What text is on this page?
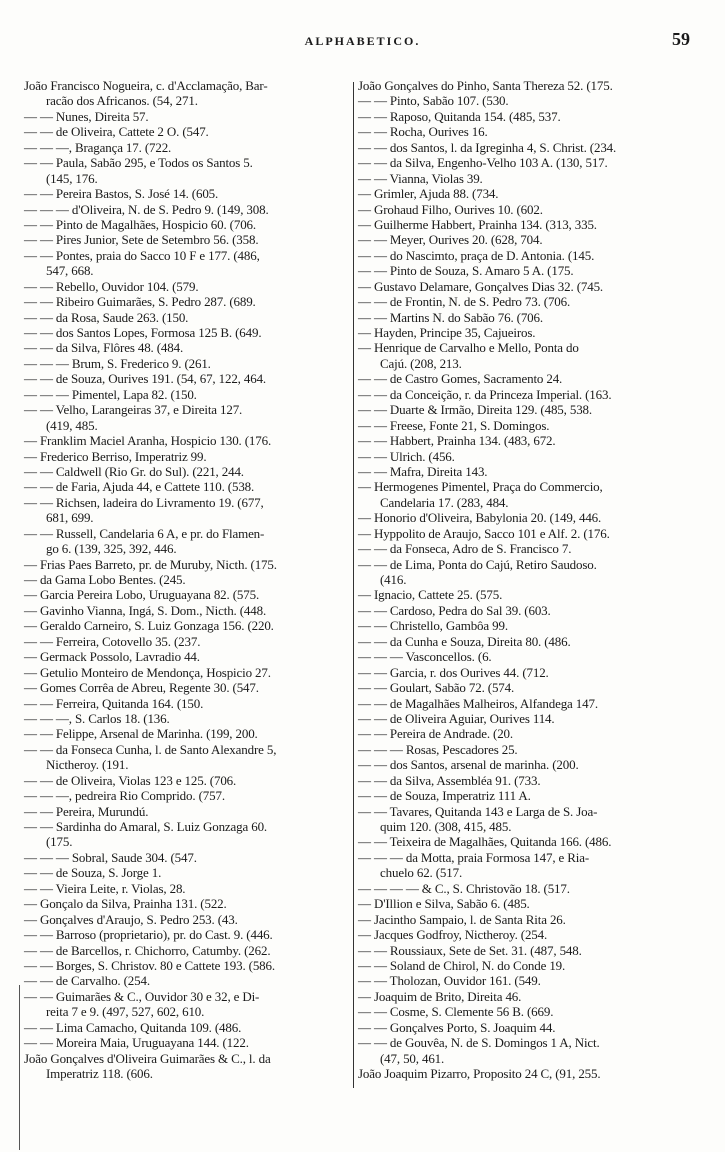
ALPHABETICO.	59
João Francisco Nogueira, c. d'Acclamação, Bar-
racão dos Africanos. (54, 271.
— — Nunes, Direita 57.
— — de Oliveira, Cattete 2 O. (547.
— — —, Bragança 17. (722.
— — Paula, Sabão 295, e Todos os Santos 5.
(145, 176.
— — Pereira Bastos, S. José 14. (605.
— — — d'Oliveira, N. de S. Pedro 9. (149, 308.
— — Pinto de Magalhães, Hospicio 60. (706.
— — Pires Junior, Sete de Setembro 56. (358.
— — Pontes, praia do Sacco 10 F e 177. (486,
547, 668.
— — Rebello, Ouvidor 104. (579.
— — Ribeiro Guimarães, S. Pedro 287. (689.
— — da Rosa, Saude 263. (150.
— — dos Santos Lopes, Formosa 125 B. (649.
— — da Silva, Flôres 48. (484.
— — — Brum, S. Frederico 9. (261.
— — de Souza, Ourives 191. (54, 67, 122, 464.
— — — Pimentel, Lapa 82. (150.
— — Velho, Larangeiras 37, e Direita 127.
(419, 485.
— Franklim Maciel Aranha, Hospicio 130. (176.
— Frederico Berriso, Imperatriz 99.
— — Caldwell (Rio Gr. do Sul). (221, 244.
— — de Faria, Ajuda 44, e Cattete 110. (538.
— — Richsen, ladeira do Livramento 19. (677,
681, 699.
— — Russell, Candelaria 6 A, e pr. do Flamen-
go 6. (139, 325, 392, 446.
— Frias Paes Barreto, pr. de Muruby, Nicth. (175.
— da Gama Lobo Bentes. (245.
— Garcia Pereira Lobo, Uruguayana 82. (575.
— Gavinho Vianna, Ingá, S. Dom., Nicth. (448.
— Geraldo Carneiro, S. Luiz Gonzaga 156. (220.
— — Ferreira, Cotovello 35. (237.
— Germack Possolo, Lavradio 44.
— Getulio Monteiro de Mendonça, Hospicio 27.
— Gomes Corrêa de Abreu, Regente 30. (547.
— — Ferreira, Quitanda 164. (150.
— — —, S. Carlos 18. (136.
— — Felippe, Arsenal de Marinha. (199, 200.
— — da Fonseca Cunha, l. de Santo Alexandre 5,
Nictheroy. (191.
— — de Oliveira, Violas 123 e 125. (706.
— — —, pedreira Rio Comprido. (757.
— — Pereira, Murundú.
— — Sardinha do Amaral, S. Luiz Gonzaga 60.
(175.
— — — Sobral, Saude 304. (547.
— — de Souza, S. Jorge 1.
— — Vieira Leite, r. Violas, 28.
— Gonçalo da Silva, Prainha 131. (522.
— Gonçalves d'Araujo, S. Pedro 253. (43.
— — Barroso (proprietario), pr. do Cast. 9. (446.
— — de Barcellos, r. Chichorro, Catumby. (262.
— — Borges, S. Christov. 80 e Cattete 193. (586.
— — de Carvalho. (254.
— — Guimarães & C., Ouvidor 30 e 32, e Di-
reita 7 e 9. (497, 527, 602, 610.
— — Lima Camacho, Quitanda 109. (486.
— — Moreira Maia, Uruguayana 144. (122.
João Gonçalves d'Oliveira Guimarães & C., l. da
Imperatriz 118. (606.
João Gonçalves do Pinho, Santa Thereza 52. (175.
— — Pinto, Sabão 107. (530.
— — Raposo, Quitanda 154. (485, 537.
— — Rocha, Ourives 16.
— — dos Santos, l. da Igreginha 4, S. Christ. (234.
— — da Silva, Engenho-Velho 103 A. (130, 517.
— — Vianna, Violas 39.
— Grimler, Ajuda 88. (734.
— Grohaud Filho, Ourives 10. (602.
— Guilherme Habbert, Prainha 134. (313, 335.
— — Meyer, Ourives 20. (628, 704.
— — do Nascimto, praça de D. Antonia. (145.
— — Pinto de Souza, S. Amaro 5 A. (175.
— Gustavo Delamare, Gonçalves Dias 32. (745.
— — de Frontin, N. de S. Pedro 73. (706.
— — Martins N. do Sabão 76. (706.
— Hayden, Principe 35, Cajueiros.
— Henrique de Carvalho e Mello, Ponta do
Cajú. (208, 213.
— — de Castro Gomes, Sacramento 24.
— — da Conceição, r. da Princeza Imperial. (163.
— — Duarte & Irmão, Direita 129. (485, 538.
— — Freese, Fonte 21, S. Domingos.
— — Habbert, Prainha 134. (483, 672.
— — Ulrich. (456.
— — Mafra, Direita 143.
— Hermogenes Pimentel, Praça do Commercio,
Candelaria 17. (283, 484.
— Honorio d'Oliveira, Babylonia 20. (149, 446.
— Hyppolito de Araujo, Sacco 101 e Alf. 2. (176.
— — da Fonseca, Adro de S. Francisco 7.
— — de Lima, Ponta do Cajú, Retiro Saudoso.
(416.
— Ignacio, Cattete 25. (575.
— — Cardoso, Pedra do Sal 39. (603.
— — Christello, Gambôa 99.
— — da Cunha e Souza, Direita 80. (486.
— — — Vasconcellos. (6.
— — Garcia, r. dos Ourives 44. (712.
— — Goulart, Sabão 72. (574.
— — de Magalhães Malheiros, Alfandega 147.
— — de Oliveira Aguiar, Ourives 114.
— — Pereira de Andrade. (20.
— — — Rosas, Pescadores 25.
— — dos Santos, arsenal de marinha. (200.
— — da Silva, Assembléa 91. (733.
— — de Souza, Imperatriz 111 A.
— — Tavares, Quitanda 143 e Larga de S. Joa-
quim 120. (308, 415, 485.
— — Teixeira de Magalhães, Quitanda 166. (486.
— — — da Motta, praia Formosa 147, e Ria-
chuelo 62. (517.
— — — — & C., S. Christovão 18. (517.
— D'Illion e Silva, Sabão 6. (485.
— Jacintho Sampaio, l. de Santa Rita 26.
— Jacques Godfroy, Nictheroy. (254.
— — Roussiaux, Sete de Set. 31. (487, 548.
— — Soland de Chirol, N. do Conde 19.
— — Tholozan, Ouvidor 161. (549.
— Joaquim de Brito, Direita 46.
— — Cosme, S. Clemente 56 B. (669.
— — Gonçalves Porto, S. Joaquim 44.
— — de Gouvêa, N. de S. Domingos 1 A, Nict.
(47, 50, 461.
João Joaquim Pizarro, Proposito 24 C, (91, 255.
